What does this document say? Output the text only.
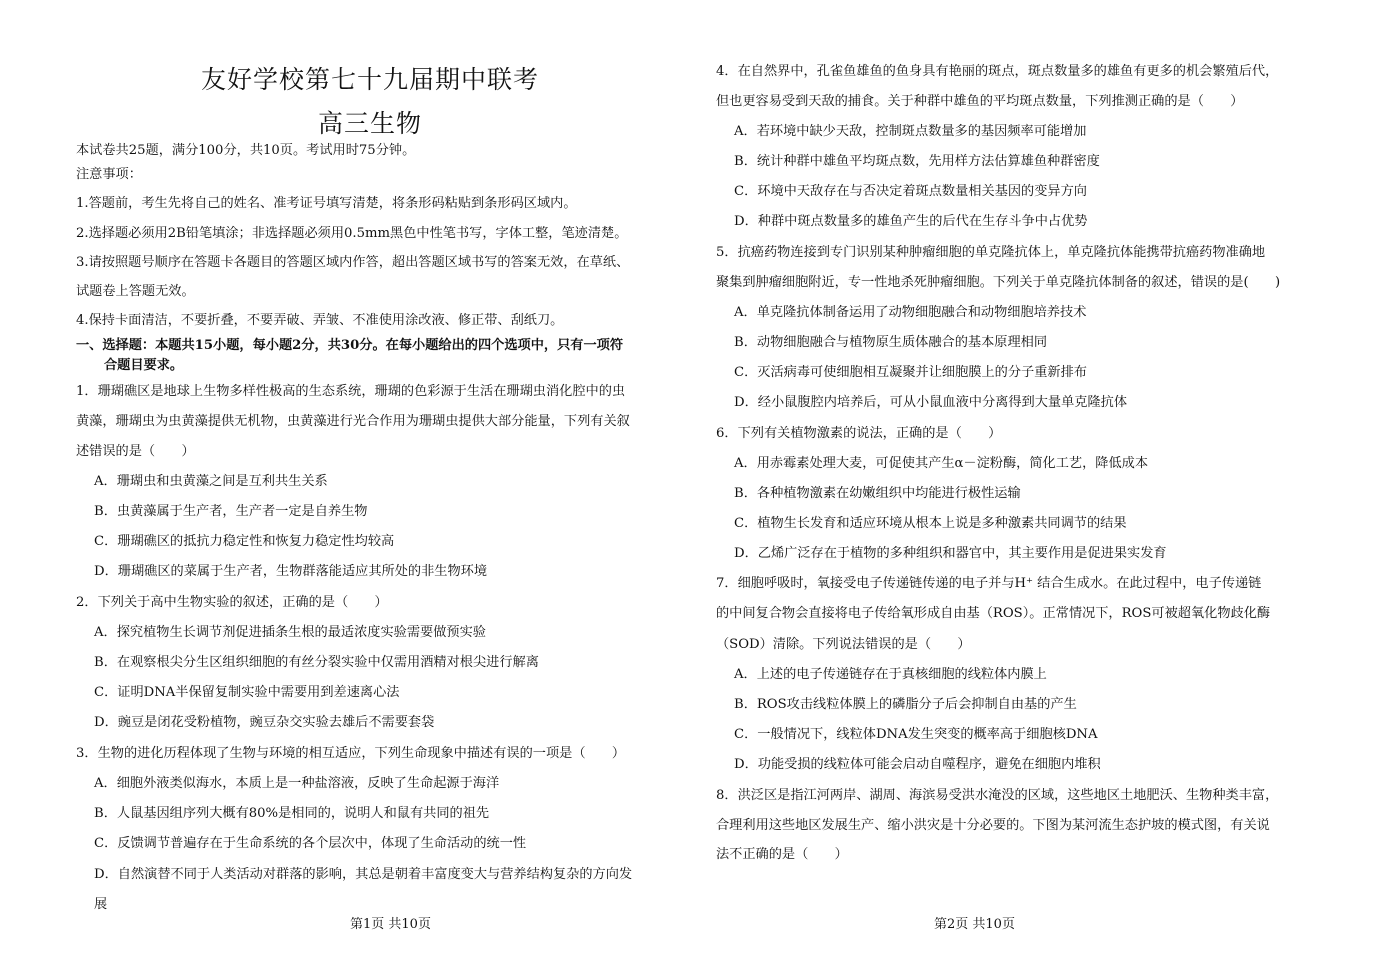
友好学校第七十九届期中联考
高三生物
本试卷共25题，满分100分，共10页。考试用时75分钟。
注意事项：
1.答题前，考生先将自己的姓名、准考证号填写清楚，将条形码粘贴到条形码区域内。
2.选择题必须用2B铅笔填涂；非选择题必须用0.5mm黑色中性笔书写，字体工整，笔迹清楚。
3.请按照题号顺序在答题卡各题目的答题区域内作答，超出答题区域书写的答案无效，在草纸、
试题卷上答题无效。
4.保持卡面清洁，不要折叠，不要弄破、弄皱、不准使用涂改液、修正带、刮纸刀。
一、选择题：本题共15小题，每小题2分，共30分。在每小题给出的四个选项中，只有一项符
合题目要求。
1．珊瑚礁区是地球上生物多样性极高的生态系统，珊瑚的色彩源于生活在珊瑚虫消化腔中的虫
黄藻，珊瑚虫为虫黄藻提供无机物，虫黄藻进行光合作用为珊瑚虫提供大部分能量，下列有关叙
述错误的是（　　）
A．珊瑚虫和虫黄藻之间是互利共生关系
B．虫黄藻属于生产者，生产者一定是自养生物
C．珊瑚礁区的抵抗力稳定性和恢复力稳定性均较高
D．珊瑚礁区的菜属于生产者，生物群落能适应其所处的非生物环境
2．下列关于高中生物实验的叙述，正确的是（　　）
A．探究植物生长调节剂促进插条生根的最适浓度实验需要做预实验
B．在观察根尖分生区组织细胞的有丝分裂实验中仅需用酒精对根尖进行解离
C．证明DNA半保留复制实验中需要用到差速离心法
D．豌豆是闭花受粉植物，豌豆杂交实验去雄后不需要套袋
3．生物的进化历程体现了生物与环境的相互适应，下列生命现象中描述有误的一项是（　　）
A．细胞外液类似海水，本质上是一种盐溶液，反映了生命起源于海洋
B．人鼠基因组序列大概有80%是相同的，说明人和鼠有共同的祖先
C．反馈调节普遍存在于生命系统的各个层次中，体现了生命活动的统一性
D．自然演替不同于人类活动对群落的影响，其总是朝着丰富度变大与营养结构复杂的方向发
展
第1页 共10页
4．在自然界中，孔雀鱼雄鱼的鱼身具有艳丽的斑点，斑点数量多的雄鱼有更多的机会繁殖后代，
但也更容易受到天敌的捕食。关于种群中雄鱼的平均斑点数量，下列推测正确的是（　　）
A．若环境中缺少天敌，控制斑点数量多的基因频率可能增加
B．统计种群中雄鱼平均斑点数，先用样方法估算雄鱼种群密度
C．环境中天敌存在与否决定着斑点数量相关基因的变异方向
D．种群中斑点数量多的雄鱼产生的后代在生存斗争中占优势
5．抗癌药物连接到专门识别某种肿瘤细胞的单克隆抗体上，单克隆抗体能携带抗癌药物准确地
聚集到肿瘤细胞附近，专一性地杀死肿瘤细胞。下列关于单克隆抗体制备的叙述，错误的是(　　)
A．单克隆抗体制备运用了动物细胞融合和动物细胞培养技术
B．动物细胞融合与植物原生质体融合的基本原理相同
C．灭活病毒可使细胞相互凝聚并让细胞膜上的分子重新排布
D．经小鼠腹腔内培养后，可从小鼠血液中分离得到大量单克隆抗体
6．下列有关植物激素的说法，正确的是（　　）
A．用赤霉素处理大麦，可促使其产生α－淀粉酶，简化工艺，降低成本
B．各种植物激素在幼嫩组织中均能进行极性运输
C．植物生长发育和适应环境从根本上说是多种激素共同调节的结果
D．乙烯广泛存在于植物的多种组织和器官中，其主要作用是促进果实发育
7．细胞呼吸时，氧接受电子传递链传递的电子并与H⁺ 结合生成水。在此过程中，电子传递链
的中间复合物会直接将电子传给氧形成自由基（ROS）。正常情况下，ROS可被超氧化物歧化酶
（SOD）清除。下列说法错误的是（　　）
A．上述的电子传递链存在于真核细胞的线粒体内膜上
B．ROS攻击线粒体膜上的磷脂分子后会抑制自由基的产生
C．一般情况下，线粒体DNA发生突变的概率高于细胞核DNA
D．功能受损的线粒体可能会启动自噬程序，避免在细胞内堆积
8．洪泛区是指江河两岸、湖周、海滨易受洪水淹没的区域，这些地区土地肥沃、生物种类丰富，
合理利用这些地区发展生产、缩小洪灾是十分必要的。下图为某河流生态护坡的模式图，有关说
法不正确的是（　　）
第2页 共10页
